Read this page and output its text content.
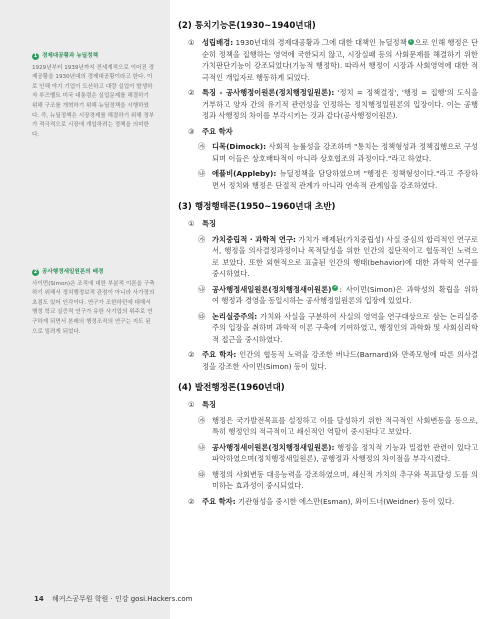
1 경제대공황과 뉴딜정책
1929년부터 1939년까지 전세계적으로 이어진 경제공황을 1930년대의 경제대공황이라고 한다. 이로 인해 야기 기업이 도산하고 대량 실업이 발생하자 루즈벨트 미국 대통령은 실업문제를 해결하기 위해 구조를 개혁하기 위해 뉴딜정책을 시행하였다. 즉, 뉴딜정책은 시장경제를 해결하기 위해 정부가 적극적으로 시장에 개입하려는 정책을 의미한다.
2 공사행정새일원론의 배경
사이먼(Simon)은 조직에 대한 부분적 이론을 구축하기 위해서 정치행정보적 관점이 아니라 사가정의 초점도 있어 인각이다. 연구가 조한하던에 대해서 행정 학교 실증적 연구가 유한 사기업의 위주로 연구하게 되면서 본래의 행정조직의 연구는 지도 된으로 밀려게 되었다.
(2) 통치기능론(1930~1940년대)
①	성립배경: 1930년대의 경제대공황과 그에 대한 대책인 뉴딜정책 1 으로 인해 행정은 단순히 정책을 집행하는 영역에 국한되지 않고, 시장실패 등의 사회문제를 해결하기 위한 가치판단기능이 강조되었다(기능적 행정학). 따라서 행정이 시장과 사회영역에 대한 적극적인 개입자로 행동하게 되었다.
②	특징 - 공사행정이원론(정치행정일원론): '정치 = 정책결정', '행정 = 집행'의 도식을 거부하고 양자 간의 유기적 관련성을 인정하는 정치행정일원론의 입장이다. 이는 공행정과 사행정의 차이를 부각시키는 것과 같다(공사행정이원론).
③	주요 학자
㉮ 디목(Dimock): 사회적 능률성을 강조하며 "통치는 정책형성과 정책집행으로 구성되며 이들은 상호배타적이 아니라 상호협조의 과정이다."라고 하였다.
㉯ 애플비(Appleby): 뉴딜정책을 담당하였으며 "행정은 정책형성이다."라고 주장하면서 정치와 행정은 단절적 관계가 아니라 연속적 관계임을 강조하였다.
(3) 행정행태론(1950~1960년대 초반)
①	특징
㉮ 가치중립적 · 과학적 연구: 가치가 배제된(가치중립성) 사실 중심의 합리적인 연구로서, 행정을 의사결정과정이나 목적달성을 위한 인간의 집단적이고 협동적인 노력으로 보았다. 또한 외현적으로 표출된 인간의 행태(behavior)에 대한 과학적 연구를 중시하였다.
㉯ 공사행정새일원론(정치행정새이원론) 2 : 사이먼(Simon)은 과학성의 확립을 위하여 행정과 경영을 동일시하는 공사행정일원론의 입장에 있었다.
㉰ 논리실증주의: 가치와 사실을 구분하여 사실의 영역을 연구대상으로 삼는 논리실증주의 입장을 취하며 과학적 이론 구축에 기여하였고, 행정인의 과학화 및 사회심리학적 접근을 중시하였다.
②	주요 학자: 인간의 협동적 노력을 강조한 버나드(Barnard)와 만족모형에 따른 의사결정을 강조한 사이먼(Simon) 등이 있다.
(4) 발전행정론(1960년대)
①	특징
㉮ 행정은 국가발전목표를 설정하고 이를 달성하기 위한 적극적인 사회변동을 동으로, 특히 행정인의 적극적이고 쇄신적인 역할이 중시된다고 보았다.
㉯ 공사행정새이원론(정치행정새일원론): 행정을 정치적 기능과 밀접한 관련이 있다고 파악하였으며(정치행정새일원론), 공행정과 사행정의 차이점을 부각시켰다.
㉰ 행정의 사회변동 대응능력을 강조하였으며, 쇄신적 가치의 추구와 목표달성 도를 의미하는 효과성이 중시되었다.
②	주요 학자: 기관형성을 중시한 에스만(Esman), 와이드너(Weidner) 등이 있다.
14 해커스공무원 학원 · 인강 gosi.Hackers.com
